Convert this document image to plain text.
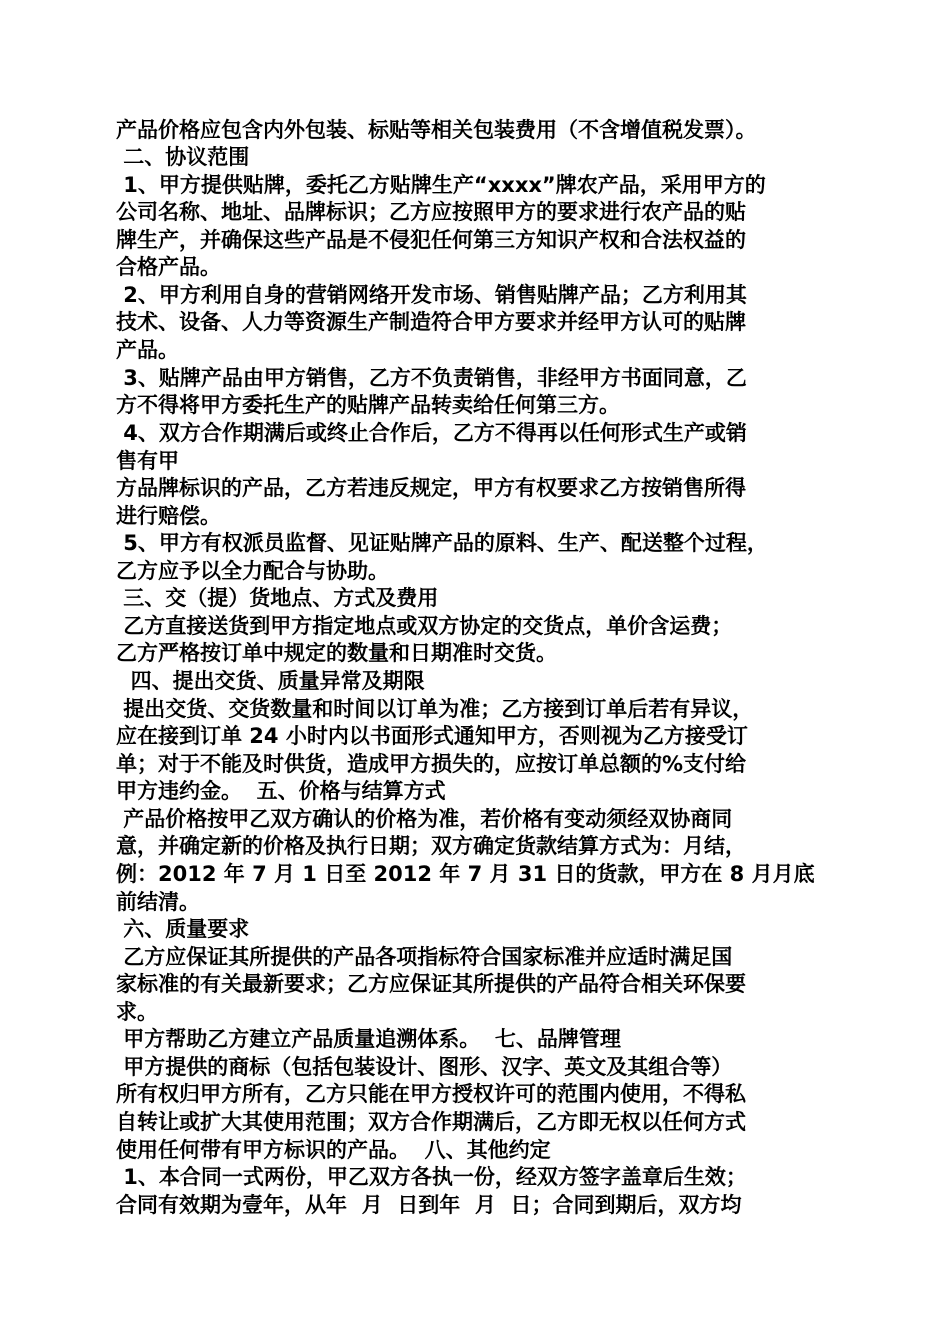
产品价格应包含内外包装、标贴等相关包装费用（不含增值税发票）。
二、协议范围
1、甲方提供贴牌，委托乙方贴牌生产“xxxx”牌农产品，采用甲方的
公司名称、地址、品牌标识；乙方应按照甲方的要求进行农产品的贴
牌生产，并确保这些产品是不侵犯任何第三方知识产权和合法权益的
合格产品。
2、甲方利用自身的营销网络开发市场、销售贴牌产品；乙方利用其
技术、设备、人力等资源生产制造符合甲方要求并经甲方认可的贴牌
产品。
3、贴牌产品由甲方销售，乙方不负责销售，非经甲方书面同意，乙
方不得将甲方委托生产的贴牌产品转卖给任何第三方。
4、双方合作期满后或终止合作后，乙方不得再以任何形式生产或销
售有甲
方品牌标识的产品，乙方若违反规定，甲方有权要求乙方按销售所得
进行赔偿。
5、甲方有权派员监督、见证贴牌产品的原料、生产、配送整个过程，
乙方应予以全力配合与协助。
三、交（提）货地点、方式及费用
乙方直接送货到甲方指定地点或双方协定的交货点，单价含运费；
乙方严格按订单中规定的数量和日期准时交货。
四、提出交货、质量异常及期限
提出交货、交货数量和时间以订单为准；乙方接到订单后若有异议，
应在接到订单 24 小时内以书面形式通知甲方，否则视为乙方接受订
单；对于不能及时供货，造成甲方损失的，应按订单总额的%支付给
甲方违约金。  五、价格与结算方式
产品价格按甲乙双方确认的价格为准，若价格有变动须经双协商同
意，并确定新的价格及执行日期；双方确定货款结算方式为：月结，
例：2012 年 7 月 1 日至 2012 年 7 月 31 日的货款，甲方在 8 月月底
前结清。
六、质量要求
乙方应保证其所提供的产品各项指标符合国家标准并应适时满足国
家标准的有关最新要求；乙方应保证其所提供的产品符合相关环保要
求。
甲方帮助乙方建立产品质量追溯体系。  七、品牌管理
甲方提供的商标（包括包装设计、图形、汉字、英文及其组合等）
所有权归甲方所有，乙方只能在甲方授权许可的范围内使用，不得私
自转让或扩大其使用范围；双方合作期满后，乙方即无权以任何方式
使用任何带有甲方标识的产品。  八、其他约定
1、本合同一式两份，甲乙双方各执一份，经双方签字盖章后生效；
合同有效期为壹年，从年  月  日到年  月  日；合同到期后，双方均
